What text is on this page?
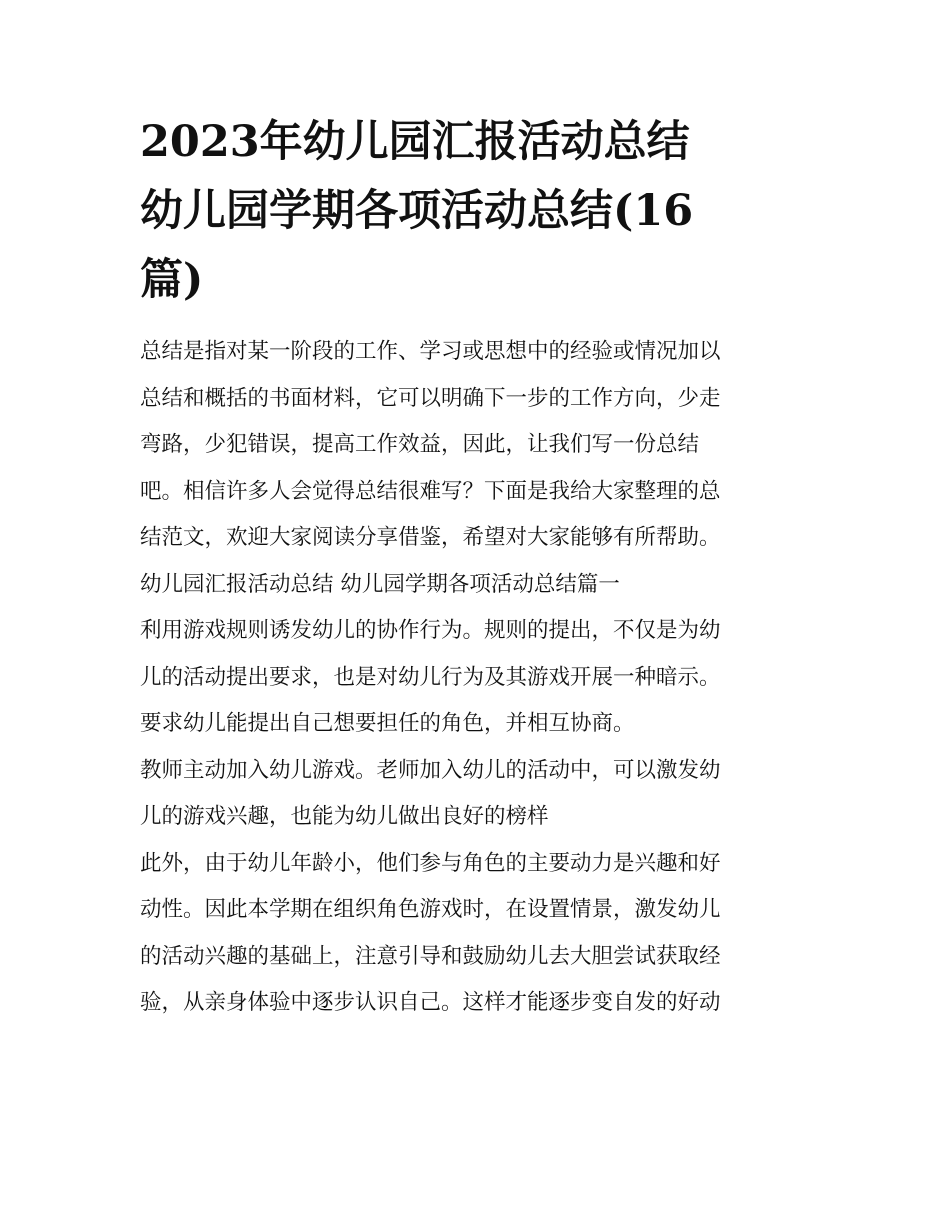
2023年幼儿园汇报活动总结
幼儿园学期各项活动总结(16
篇)
总结是指对某一阶段的工作、学习或思想中的经验或情况加以
总结和概括的书面材料，它可以明确下一步的工作方向，少走
弯路，少犯错误，提高工作效益，因此，让我们写一份总结
吧。相信许多人会觉得总结很难写？下面是我给大家整理的总
结范文，欢迎大家阅读分享借鉴，希望对大家能够有所帮助。
幼儿园汇报活动总结 幼儿园学期各项活动总结篇一
利用游戏规则诱发幼儿的协作行为。规则的提出，不仅是为幼
儿的活动提出要求，也是对幼儿行为及其游戏开展一种暗示。
要求幼儿能提出自己想要担任的角色，并相互协商。
教师主动加入幼儿游戏。老师加入幼儿的活动中，可以激发幼
儿的游戏兴趣，也能为幼儿做出良好的榜样
此外，由于幼儿年龄小，他们参与角色的主要动力是兴趣和好
动性。因此本学期在组织角色游戏时，在设置情景，激发幼儿
的活动兴趣的基础上，注意引导和鼓励幼儿去大胆尝试获取经
验，从亲身体验中逐步认识自己。这样才能逐步变自发的好动
